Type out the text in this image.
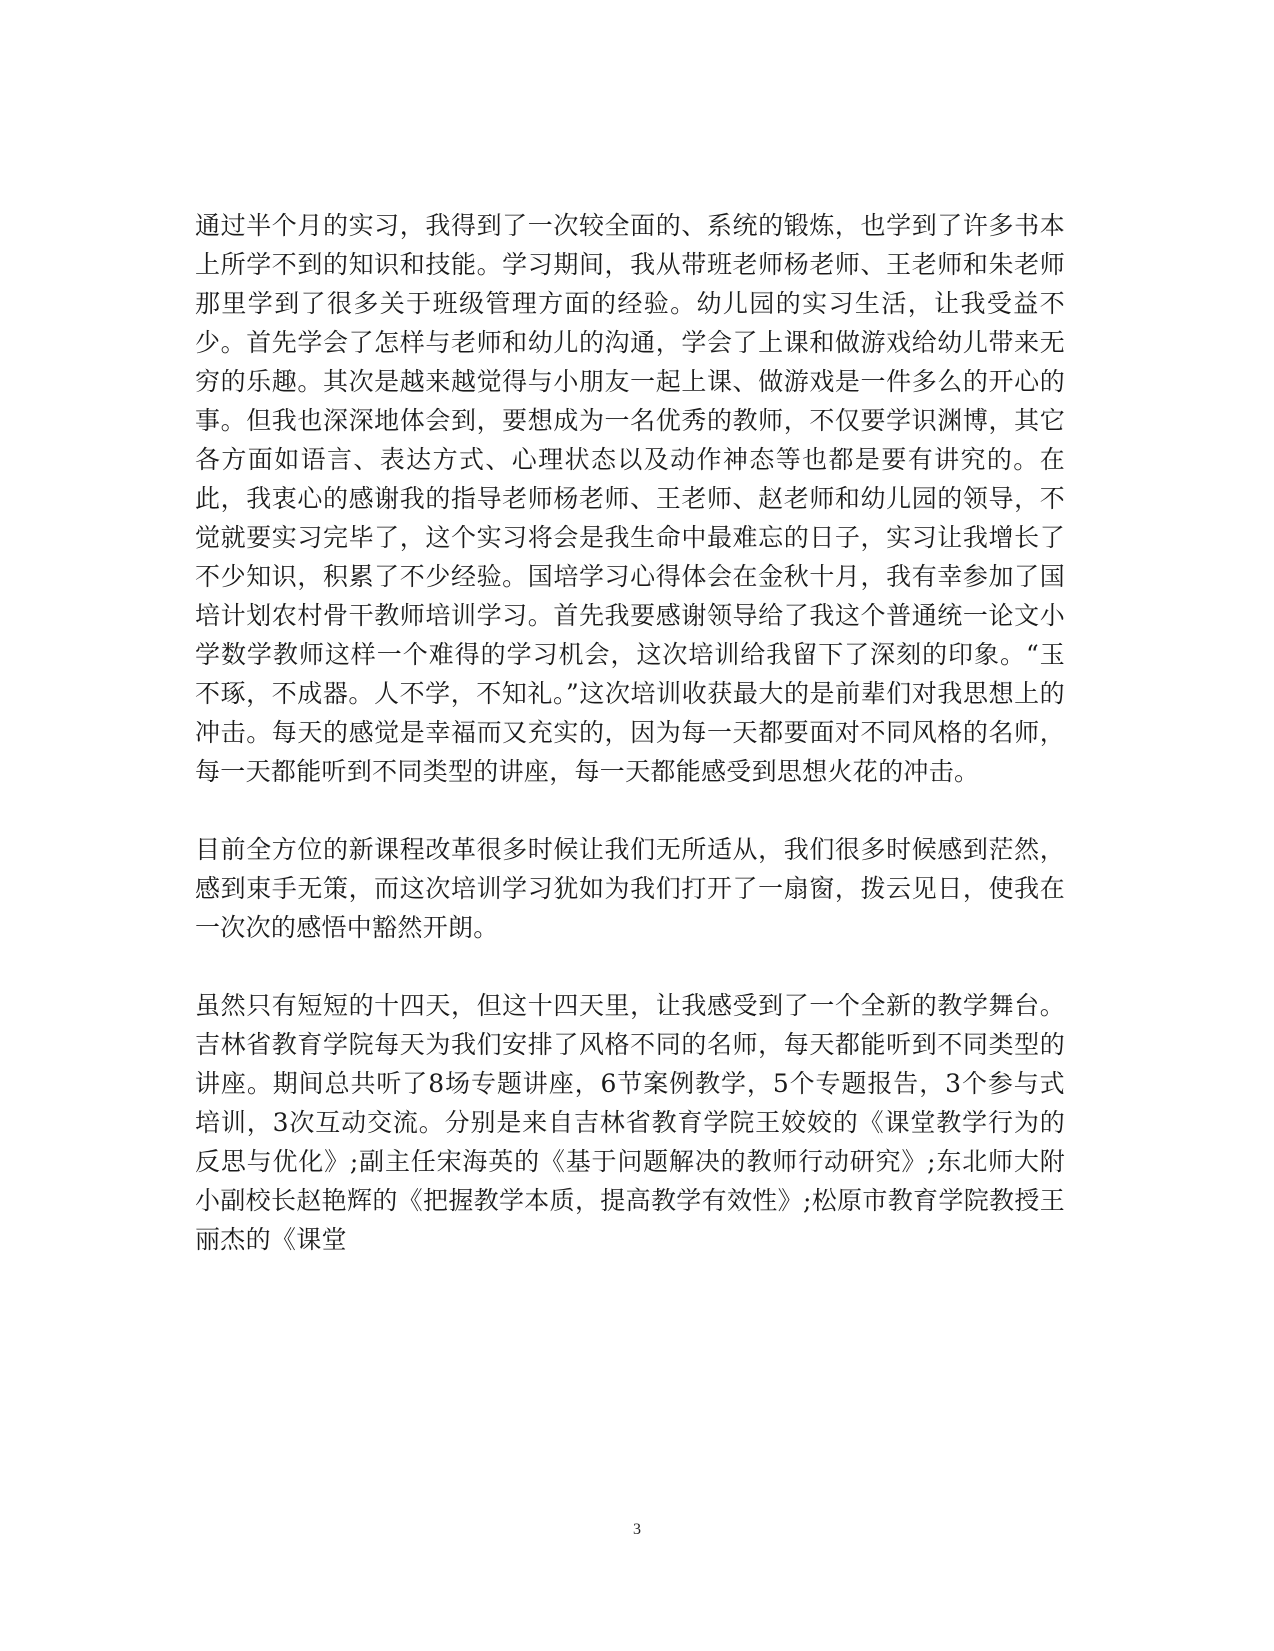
通过半个月的实习，我得到了一次较全面的、系统的锻炼，也学到了许多书本上所学不到的知识和技能。学习期间，我从带班老师杨老师、王老师和朱老师那里学到了很多关于班级管理方面的经验。幼儿园的实习生活，让我受益不少。首先学会了怎样与老师和幼儿的沟通，学会了上课和做游戏给幼儿带来无穷的乐趣。其次是越来越觉得与小朋友一起上课、做游戏是一件多么的开心的事。但我也深深地体会到，要想成为一名优秀的教师，不仅要学识渊博，其它各方面如语言、表达方式、心理状态以及动作神态等也都是要有讲究的。在此，我衷心的感谢我的指导老师杨老师、王老师、赵老师和幼儿园的领导，不觉就要实习完毕了，这个实习将会是我生命中最难忘的日子，实习让我增长了不少知识，积累了不少经验。国培学习心得体会在金秋十月，我有幸参加了国培计划农村骨干教师培训学习。首先我要感谢领导给了我这个普通统一论文小学数学教师这样一个难得的学习机会，这次培训给我留下了深刻的印象。“玉不琢，不成器。人不学，不知礼。”这次培训收获最大的是前辈们对我思想上的冲击。每天的感觉是幸福而又充实的，因为每一天都要面对不同风格的名师，每一天都能听到不同类型的讲座，每一天都能感受到思想火花的冲击。

目前全方位的新课程改革很多时候让我们无所适从，我们很多时候感到茫然，感到束手无策，而这次培训学习犹如为我们打开了一扇窗，拨云见日，使我在一次次的感悟中豁然开朗。

虽然只有短短的十四天，但这十四天里，让我感受到了一个全新的教学舞台。吉林省教育学院每天为我们安排了风格不同的名师，每天都能听到不同类型的讲座。期间总共听了8场专题讲座，6节案例教学，5个专题报告，3个参与式培训，3次互动交流。分别是来自吉林省教育学院王姣姣的《课堂教学行为的反思与优化》;副主任宋海英的《基于问题解决的教师行动研究》;东北师大附小副校长赵艳辉的《把握教学本质，提高教学有效性》;松原市教育学院教授王丽杰的《课堂

3
